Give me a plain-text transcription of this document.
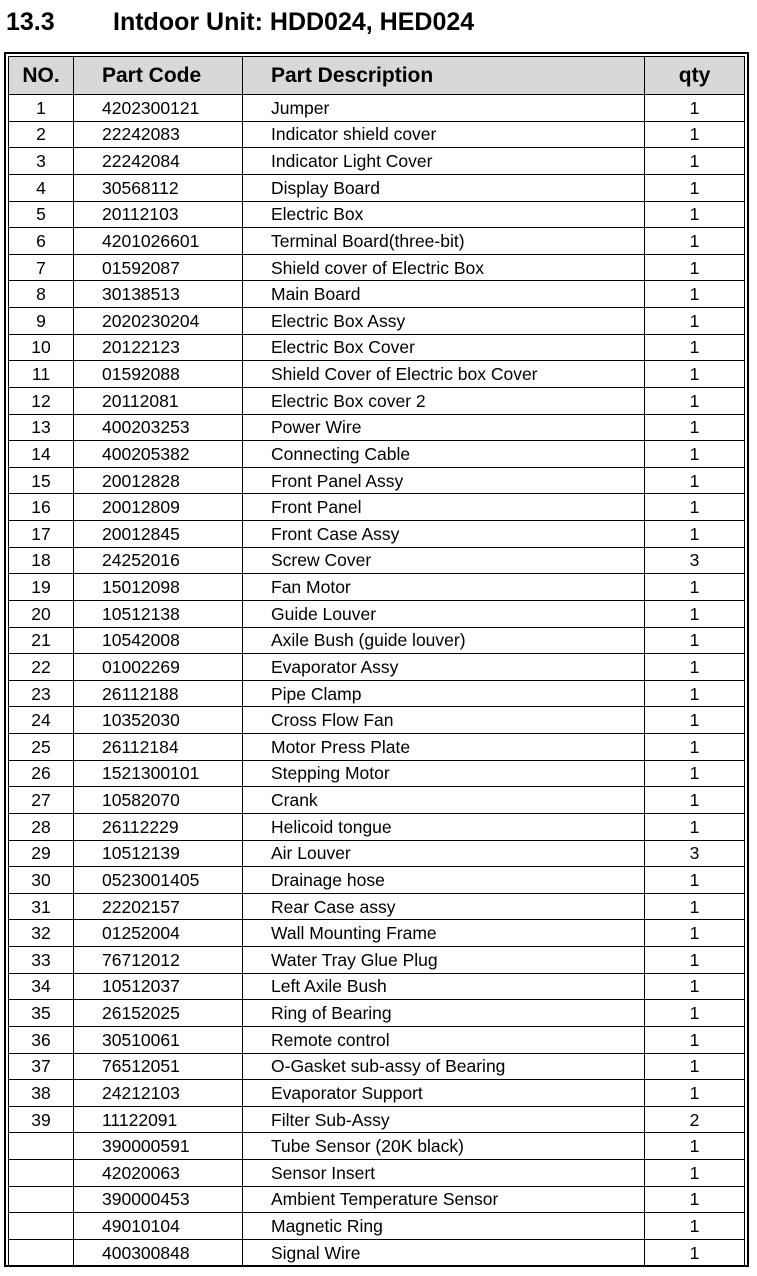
13.3 Intdoor Unit: HDD024, HED024
NO.	Part Code	Part Description	qty
1	4202300121	Jumper	1
2	22242083	Indicator shield cover	1
3	22242084	Indicator Light Cover	1
4	30568112	Display Board	1
5	20112103	Electric Box	1
6	4201026601	Terminal Board(three-bit)	1
7	01592087	Shield cover of Electric Box	1
8	30138513	Main Board	1
9	2020230204	Electric Box Assy	1
10	20122123	Electric Box Cover	1
11	01592088	Shield Cover of Electric box Cover	1
12	20112081	Electric Box cover 2	1
13	400203253	Power Wire	1
14	400205382	Connecting Cable	1
15	20012828	Front Panel Assy	1
16	20012809	Front Panel	1
17	20012845	Front Case Assy	1
18	24252016	Screw Cover	3
19	15012098	Fan Motor	1
20	10512138	Guide Louver	1
21	10542008	Axile Bush (guide louver)	1
22	01002269	Evaporator Assy	1
23	26112188	Pipe Clamp	1
24	10352030	Cross Flow Fan	1
25	26112184	Motor Press Plate	1
26	1521300101	Stepping Motor	1
27	10582070	Crank	1
28	26112229	Helicoid tongue	1
29	10512139	Air Louver	3
30	0523001405	Drainage hose	1
31	22202157	Rear Case assy	1
32	01252004	Wall Mounting Frame	1
33	76712012	Water Tray Glue Plug	1
34	10512037	Left Axile Bush	1
35	26152025	Ring of Bearing	1
36	30510061	Remote control	1
37	76512051	O-Gasket sub-assy of Bearing	1
38	24212103	Evaporator Support	1
39	11122091	Filter Sub-Assy	2
	390000591	Tube Sensor (20K black)	1
	42020063	Sensor Insert	1
	390000453	Ambient Temperature Sensor	1
	49010104	Magnetic Ring	1
	400300848	Signal Wire	1
